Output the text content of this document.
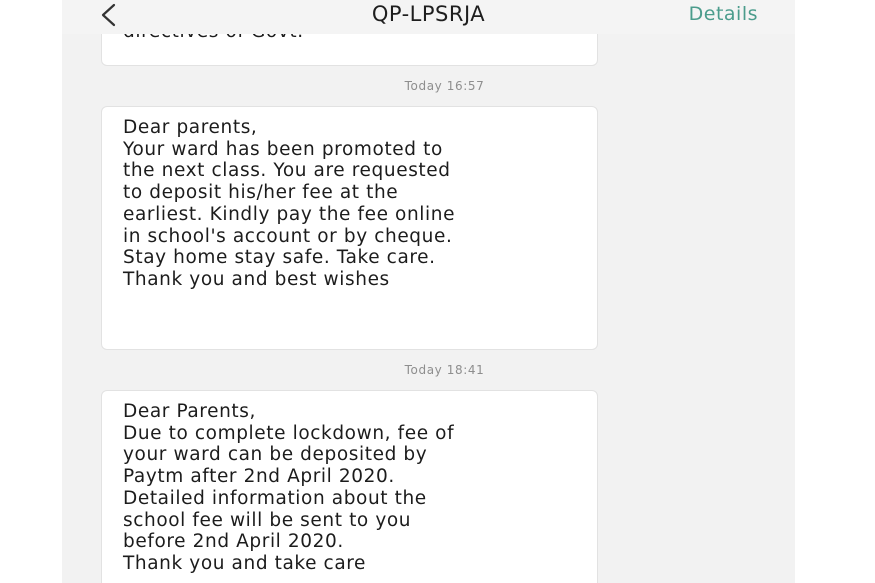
QP-LPSRJA	Details

Today 16:57

Dear parents,

Your ward has been promoted to

the next class. You are requested

to deposit his/her fee at the

earliest. Kindly pay the fee online

in school's account or by cheque.

Stay home stay safe. Take care.

Thank you and best wishes

Today 18:41

Dear Parents,

Due to complete lockdown, fee of

your ward can be deposited by

Paytm after 2nd April 2020.

Detailed information about the

school fee will be sent to you

before 2nd April 2020.

Thank you and take care
